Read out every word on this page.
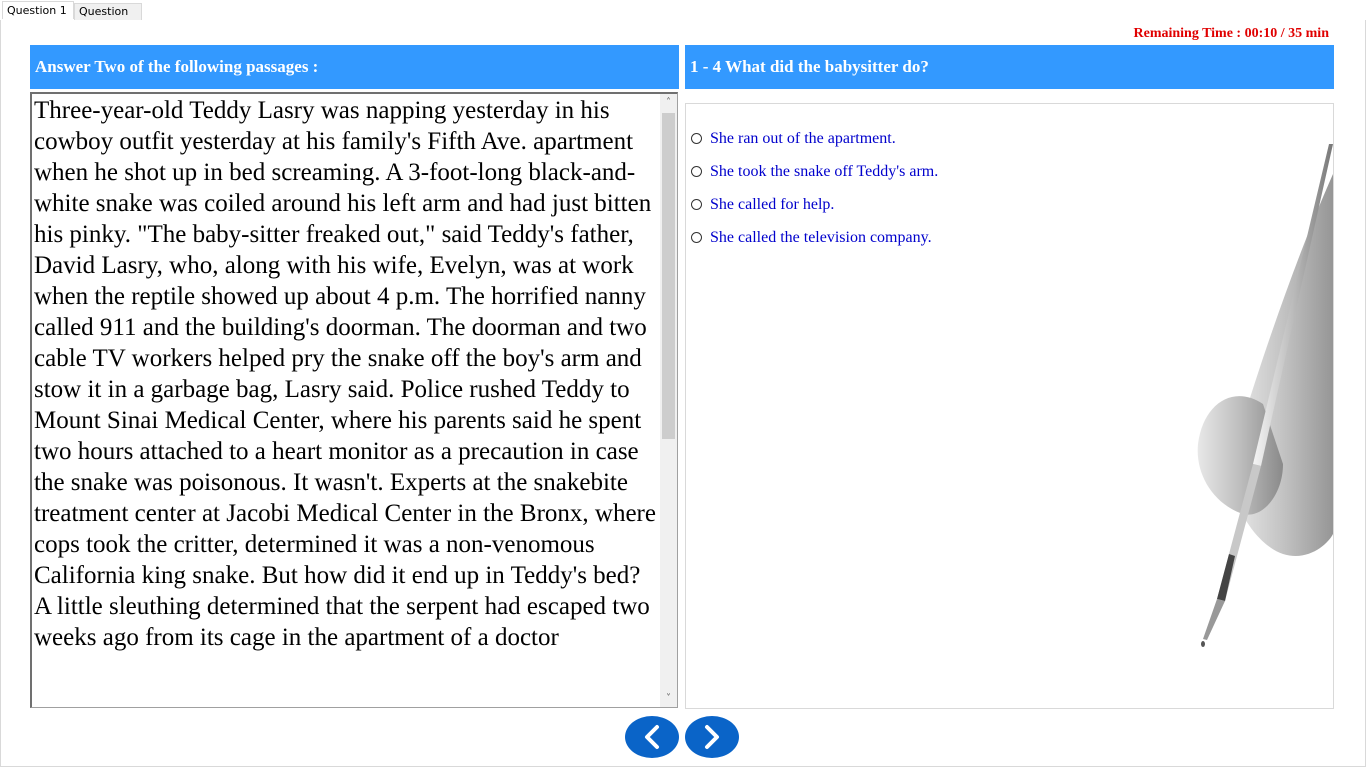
Question 1	Question
Remaining Time : 00:10 / 35 min
Answer Two of the following passages :	1 - 4 What did the babysitter do?
Three-year-old Teddy Lasry was napping yesterday in his cowboy outfit yesterday at his family's Fifth Ave. apartment when he shot up in bed screaming. A 3-foot-long black-and-white snake was coiled around his left arm and had just bitten his pinky. "The baby-sitter freaked out," said Teddy's father, David Lasry, who, along with his wife, Evelyn, was at work when the reptile showed up about 4 p.m. The horrified nanny called 911 and the building's doorman. The doorman and two cable TV workers helped pry the snake off the boy's arm and stow it in a garbage bag, Lasry said. Police rushed Teddy to Mount Sinai Medical Center, where his parents said he spent two hours attached to a heart monitor as a precaution in case the snake was poisonous. It wasn't. Experts at the snakebite treatment center at Jacobi Medical Center in the Bronx, where cops took the critter, determined it was a non-venomous California king snake. But how did it end up in Teddy's bed? A little sleuthing determined that the serpent had escaped two weeks ago from its cage in the apartment of a doctor
˄
˅
She ran out of the apartment.
She took the snake off Teddy's arm.
She called for help.
She called the television company.
